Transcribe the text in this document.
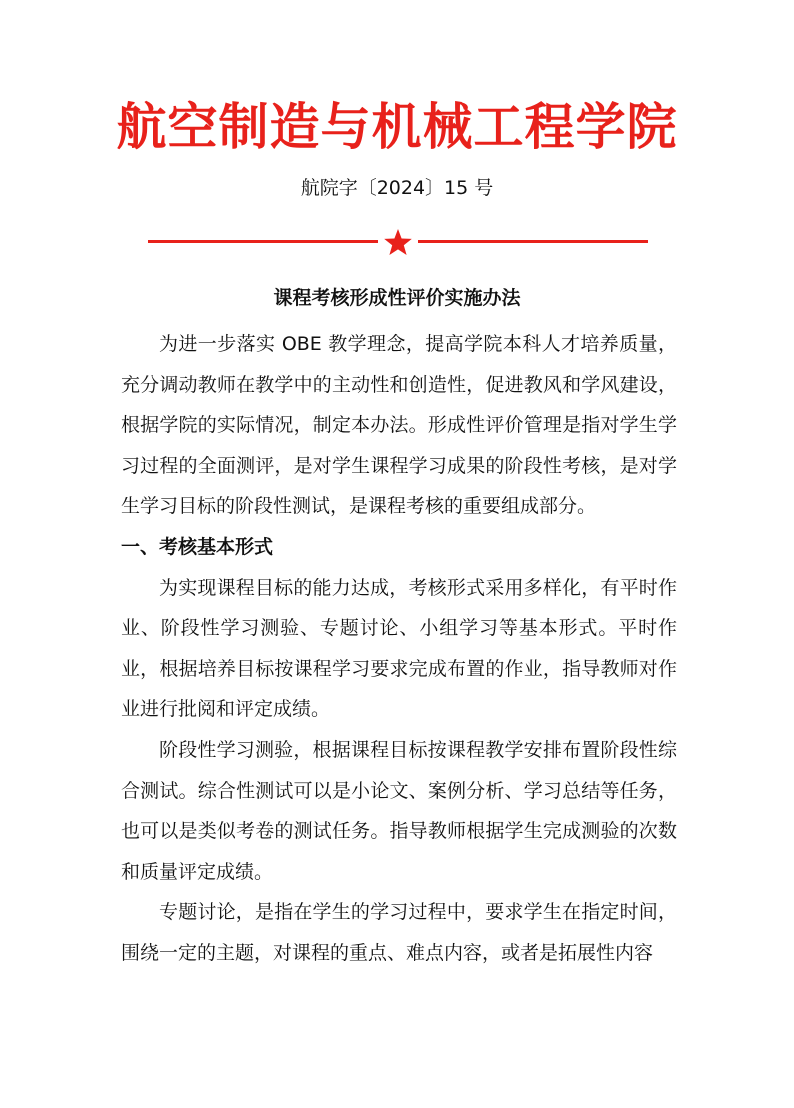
航空制造与机械工程学院
航院字〔2024〕15 号
课程考核形成性评价实施办法

为进一步落实 OBE 教学理念，提高学院本科人才培养质量，充分调动教师在教学中的主动性和创造性，促进教风和学风建设，根据学院的实际情况，制定本办法。形成性评价管理是指对学生学习过程的全面测评，是对学生课程学习成果的阶段性考核，是对学生学习目标的阶段性测试，是课程考核的重要组成部分。

一、考核基本形式

为实现课程目标的能力达成，考核形式采用多样化，有平时作业、阶段性学习测验、专题讨论、小组学习等基本形式。平时作业，根据培养目标按课程学习要求完成布置的作业，指导教师对作业进行批阅和评定成绩。

阶段性学习测验，根据课程目标按课程教学安排布置阶段性综合测试。综合性测试可以是小论文、案例分析、学习总结等任务，也可以是类似考卷的测试任务。指导教师根据学生完成测验的次数和质量评定成绩。

专题讨论，是指在学生的学习过程中，要求学生在指定时间，围绕一定的主题，对课程的重点、难点内容，或者是拓展性内容
